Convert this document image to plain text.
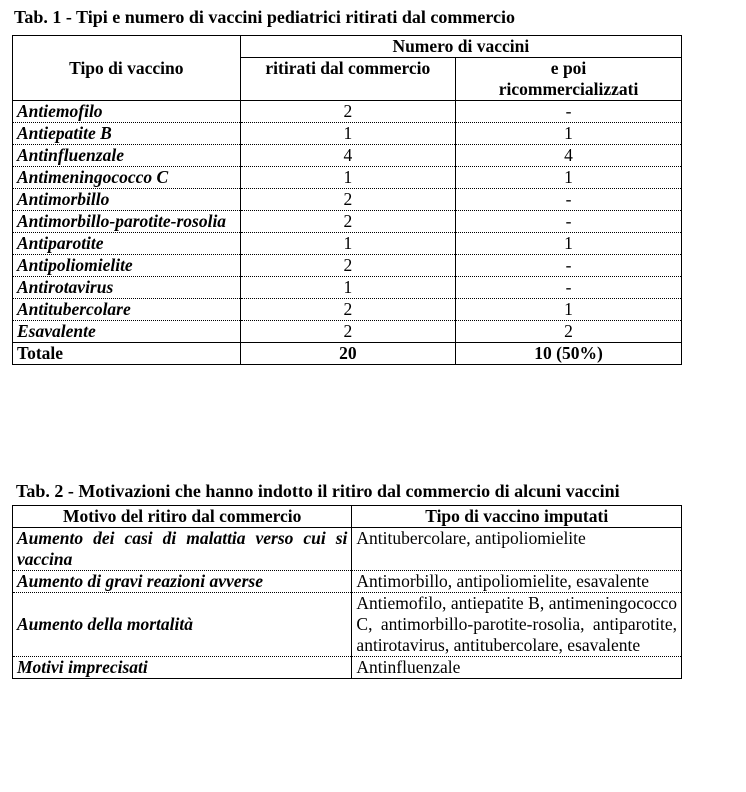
Tab. 1 - Tipi e numero di vaccini pediatrici ritirati dal commercio
Tipo di vaccino	Numero di vaccini	
	ritirati dal commercio	e poi ricommercializzati
Antiemofilo	2	-
Antiepatite B	1	1
Antinfluenzale	4	4
Antimeningococco C	1	1
Antimorbillo	2	-
Antimorbillo-parotite-rosolia	2	-
Antiparotite	1	1
Antipoliomielite	2	-
Antirotavirus	1	-
Antitubercolare	2	1
Esavalente	2	2
Totale	20	10 (50%)
Tab. 2 - Motivazioni che hanno indotto il ritiro dal commercio di alcuni vaccini
Motivo del ritiro dal commercio	Tipo di vaccino imputati
Aumento dei casi di malattia verso cui si vaccina	Antitubercolare, antipoliomielite
Aumento di gravi reazioni avverse	Antimorbillo, antipoliomielite, esavalente
Aumento della mortalità	Antiemofilo, antiepatite B, antimeningococco C, antimorbillo-parotite-rosolia, antiparotite, antirotavirus, antitubercolare, esavalente
Motivi imprecisati	Antinfluenzale
